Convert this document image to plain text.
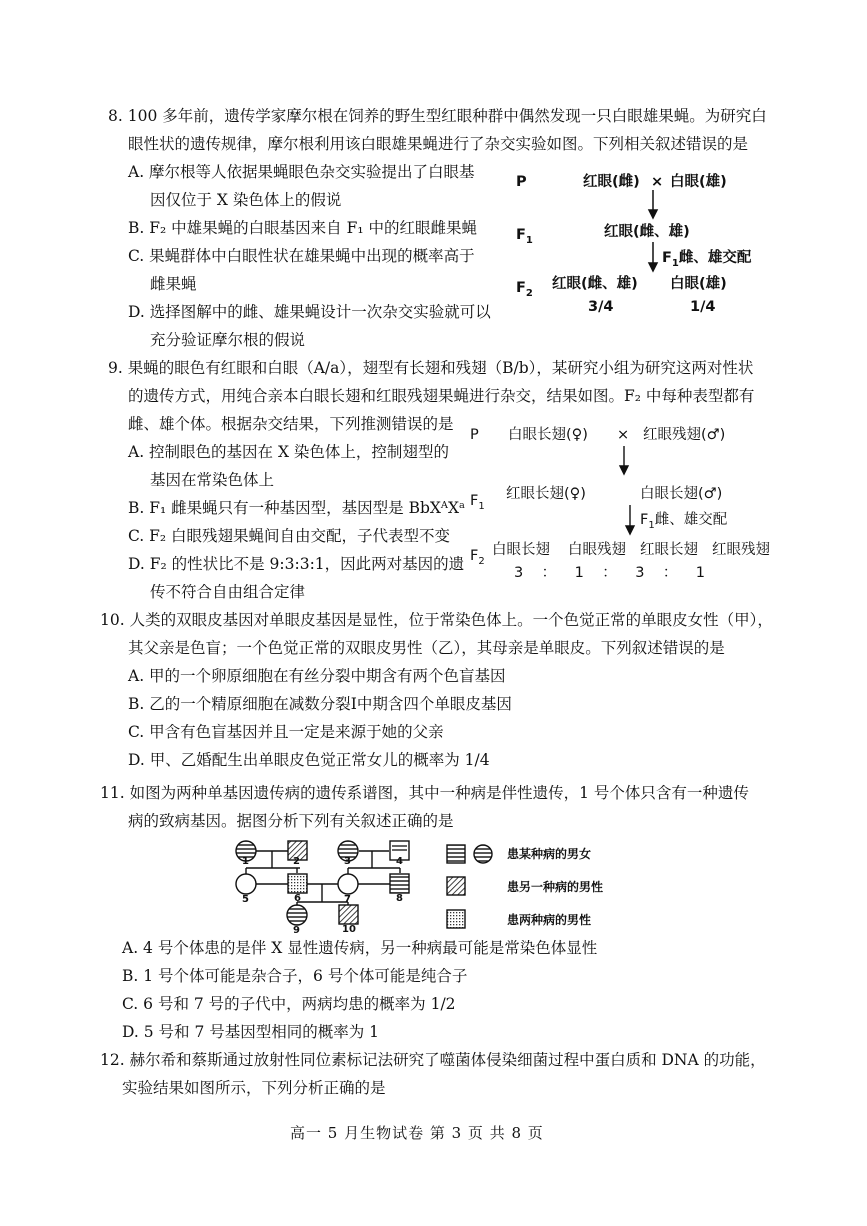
8. 100 多年前，遗传学家摩尔根在饲养的野生型红眼种群中偶然发现一只白眼雄果蝇。为研究白
眼性状的遗传规律，摩尔根利用该白眼雄果蝇进行了杂交实验如图。下列相关叙述错误的是
A. 摩尔根等人依据果蝇眼色杂交实验提出了白眼基
因仅位于 X 染色体上的假说
B. F₂ 中雄果蝇的白眼基因来自 F₁ 中的红眼雌果蝇
C. 果蝇群体中白眼性状在雄果蝇中出现的概率高于
雌果蝇
D. 选择图解中的雌、雄果蝇设计一次杂交实验就可以
充分验证摩尔根的假说
P	红眼(雌) × 白眼(雄)
$F_1$
红眼(雌、雄)
$F_1$雌、雄交配
$F_2$
红眼(雌、雄) 白眼(雄)
3/4	1/4
9. 果蝇的眼色有红眼和白眼（A/a），翅型有长翅和残翅（B/b），某研究小组为研究这两对性状
的遗传方式，用纯合亲本白眼长翅和红眼残翅果蝇进行杂交，结果如图。F₂ 中每种表型都有
雌、雄个体。根据杂交结果，下列推测错误的是
A. 控制眼色的基因在 X 染色体上，控制翅型的
基因在常染色体上
B. F₁ 雌果蝇只有一种基因型，基因型是 BbXᴬXᵃ
C. F₂ 白眼残翅果蝇间自由交配，子代表型不变
D. F₂ 的性状比不是 9:3:3:1，因此两对基因的遗
传不符合自由组合定律
P 白眼长翅(♀) × 红眼残翅(♂)
$F_1$
红眼长翅(♀)	白眼长翅(♂)
$F_1$雌、雄交配
$F_2$
白眼长翅 白眼残翅 红眼长翅 红眼残翅
3    ：    1    ：    3    ：    1
10. 人类的双眼皮基因对单眼皮基因是显性，位于常染色体上。一个色觉正常的单眼皮女性（甲），
其父亲是色盲；一个色觉正常的双眼皮男性（乙），其母亲是单眼皮。下列叙述错误的是
A. 甲的一个卵原细胞在有丝分裂中期含有两个色盲基因
B. 乙的一个精原细胞在减数分裂Ⅰ中期含四个单眼皮基因
C. 甲含有色盲基因并且一定是来源于她的父亲
D. 甲、乙婚配生出单眼皮色觉正常女儿的概率为 1/4
11. 如图为两种单基因遗传病的遗传系谱图，其中一种病是伴性遗传，1 号个体只含有一种遗传
病的致病基因。据图分析下列有关叙述正确的是
1	2	3	4
5	6	7	8
9	10
患某种病的男女
患另一种病的男性
患两种病的男性
A. 4 号个体患的是伴 X 显性遗传病，另一种病最可能是常染色体显性
B. 1 号个体可能是杂合子，6 号个体可能是纯合子
C. 6 号和 7 号的子代中，两病均患的概率为 1/2
D. 5 号和 7 号基因型相同的概率为 1
12. 赫尔希和蔡斯通过放射性同位素标记法研究了噬菌体侵染细菌过程中蛋白质和 DNA 的功能，
实验结果如图所示，下列分析正确的是
高一 5 月生物试卷 第 3 页 共 8 页
